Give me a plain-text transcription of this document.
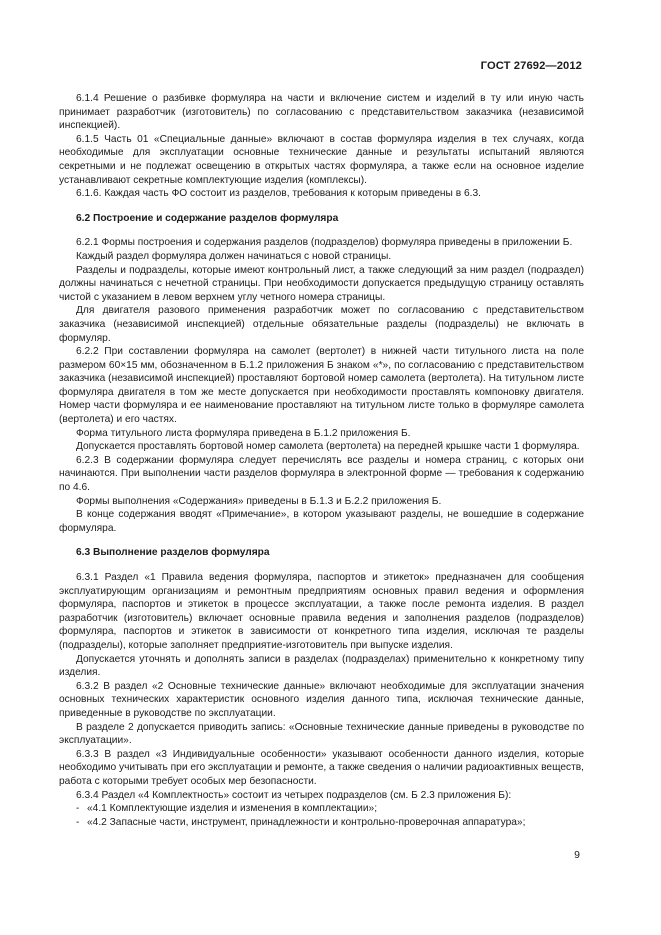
ГОСТ 27692—2012

6.1.4 Решение о разбивке формуляра на части и включение систем и изделий в ту или иную часть принимает разработчик (изготовитель) по согласованию с представительством заказчика (независимой инспекцией).

6.1.5 Часть 01 «Специальные данные» включают в состав формуляра изделия в тех случаях, когда необходимые для эксплуатации основные технические данные и результаты испытаний являются секретными и не подлежат освещению в открытых частях формуляра, а также если на основное изделие устанавливают секретные комплектующие изделия (комплексы).

6.1.6. Каждая часть ФО состоит из разделов, требования к которым приведены в 6.3.

6.2 Построение и содержание разделов формуляра

6.2.1 Формы построения и содержания разделов (подразделов) формуляра приведены в приложении Б.

Каждый раздел формуляра должен начинаться с новой страницы.

Разделы и подразделы, которые имеют контрольный лист, а также следующий за ним раздел (подраздел) должны начинаться с нечетной страницы. При необходимости допускается предыдущую страницу оставлять чистой с указанием в левом верхнем углу четного номера страницы.

Для двигателя разового применения разработчик может по согласованию с представительством заказчика (независимой инспекцией) отдельные обязательные разделы (подразделы) не включать в формуляр.

6.2.2 При составлении формуляра на самолет (вертолет) в нижней части титульного листа на поле размером 60×15 мм, обозначенном в Б.1.2 приложения Б знаком «*», по согласованию с представительством заказчика (независимой инспекцией) проставляют бортовой номер самолета (вертолета). На титульном листе формуляра двигателя в том же месте допускается при необходимости проставлять компоновку двигателя. Номер части формуляра и ее наименование проставляют на титульном листе только в формуляре самолета (вертолета) и его частях.

Форма титульного листа формуляра приведена в Б.1.2 приложения Б.

Допускается проставлять бортовой номер самолета (вертолета) на передней крышке части 1 формуляра.

6.2.3 В содержании формуляра следует перечислять все разделы и номера страниц, с которых они начинаются. При выполнении части разделов формуляра в электронной форме — требования к содержанию по 4.6.

Формы выполнения «Содержания» приведены в Б.1.3 и Б.2.2 приложения Б.

В конце содержания вводят «Примечание», в котором указывают разделы, не вошедшие в содержание формуляра.

6.3 Выполнение разделов формуляра

6.3.1 Раздел «1 Правила ведения формуляра, паспортов и этикеток» предназначен для сообщения эксплуатирующим организациям и ремонтным предприятиям основных правил ведения и оформления формуляра, паспортов и этикеток в процессе эксплуатации, а также после ремонта изделия. В раздел разработчик (изготовитель) включает основные правила ведения и заполнения разделов (подразделов) формуляра, паспортов и этикеток в зависимости от конкретного типа изделия, исключая те разделы (подразделы), которые заполняет предприятие-изготовитель при выпуске изделия.

Допускается уточнять и дополнять записи в разделах (подразделах) применительно к конкретному типу изделия.

6.3.2 В раздел «2 Основные технические данные» включают необходимые для эксплуатации значения основных технических характеристик основного изделия данного типа, исключая технические данные, приведенные в руководстве по эксплуатации.

В разделе 2 допускается приводить запись: «Основные технические данные приведены в руководстве по эксплуатации».

6.3.3 В раздел «3 Индивидуальные особенности» указывают особенности данного изделия, которые необходимо учитывать при его эксплуатации и ремонте, а также сведения о наличии радиоактивных веществ, работа с которыми требует особых мер безопасности.

6.3.4 Раздел «4 Комплектность» состоит из четырех подразделов (см. Б 2.3 приложения Б):

- «4.1 Комплектующие изделия и изменения в комплектации»;
- «4.2 Запасные части, инструмент, принадлежности и контрольно-проверочная аппаратура»;
9
